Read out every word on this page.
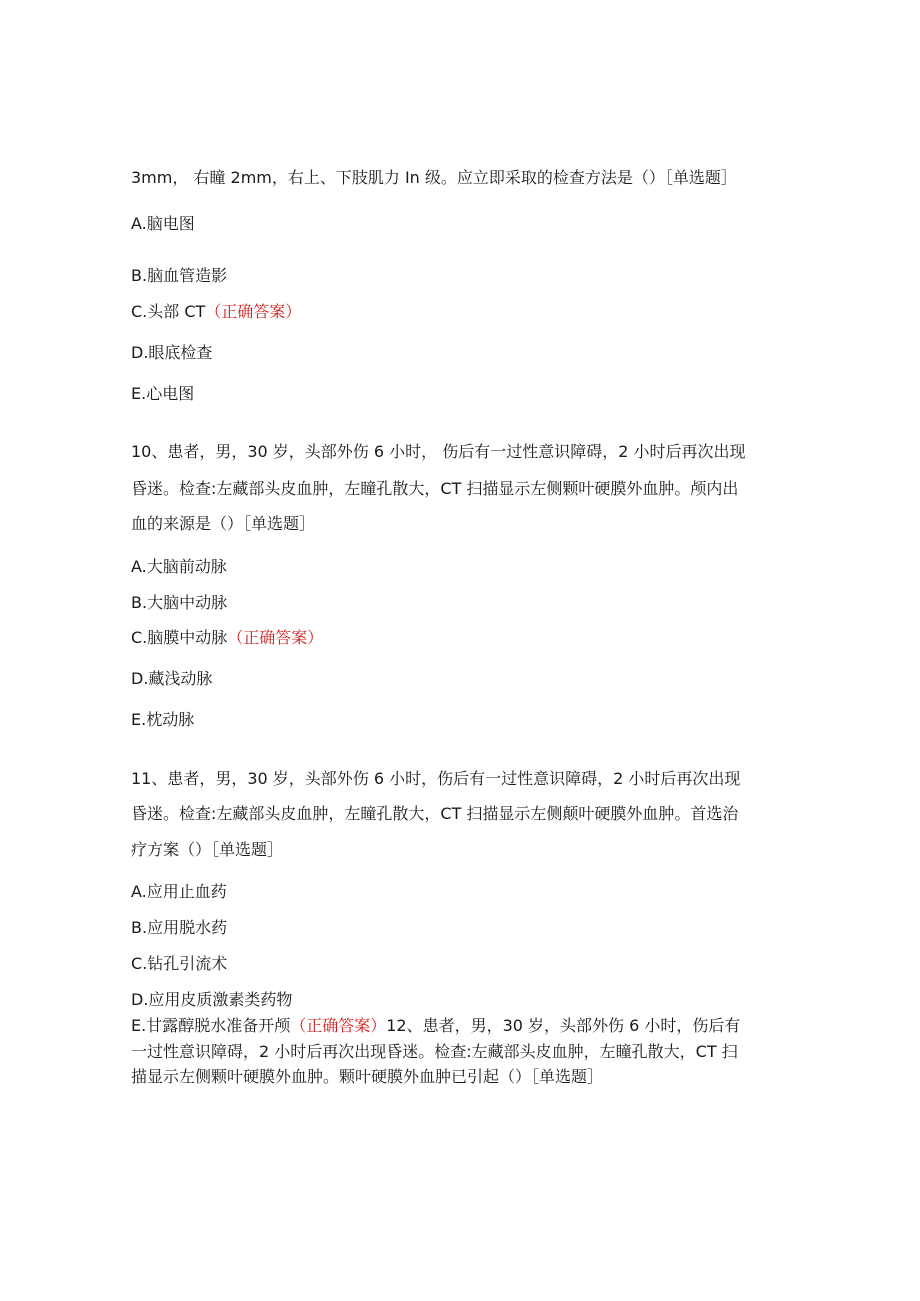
3mm， 右瞳 2mm，右上、下肢肌力 In 级。应立即采取的检查方法是（）［单选题］
A.脑电图
B.脑血管造影
C.头部 CT（正确答案）
D.眼底检查
E.心电图
10、患者，男，30 岁，头部外伤 6 小时， 伤后有一过性意识障碍，2 小时后再次出现
昏迷。检查:左藏部头皮血肿，左瞳孔散大，CT 扫描显示左侧颗叶硬膜外血肿。颅内出
血的来源是（）［单选题］
A.大脑前动脉
B.大脑中动脉
C.脑膜中动脉（正确答案）
D.藏浅动脉
E.枕动脉
11、患者，男，30 岁，头部外伤 6 小时，伤后有一过性意识障碍，2 小时后再次出现
昏迷。检查:左藏部头皮血肿，左瞳孔散大，CT 扫描显示左侧颠叶硬膜外血肿。首选治
疗方案（）［单选题］
A.应用止血药
B.应用脱水药
C.钻孔引流术
D.应用皮质激素类药物
E.甘露醇脱水准备开颅（正确答案）12、患者，男，30 岁，头部外伤 6 小时，伤后有
一过性意识障碍，2 小时后再次出现昏迷。检查:左藏部头皮血肿，左瞳孔散大，CT 扫
描显示左侧颗叶硬膜外血肿。颗叶硬膜外血肿已引起（）［单选题］
